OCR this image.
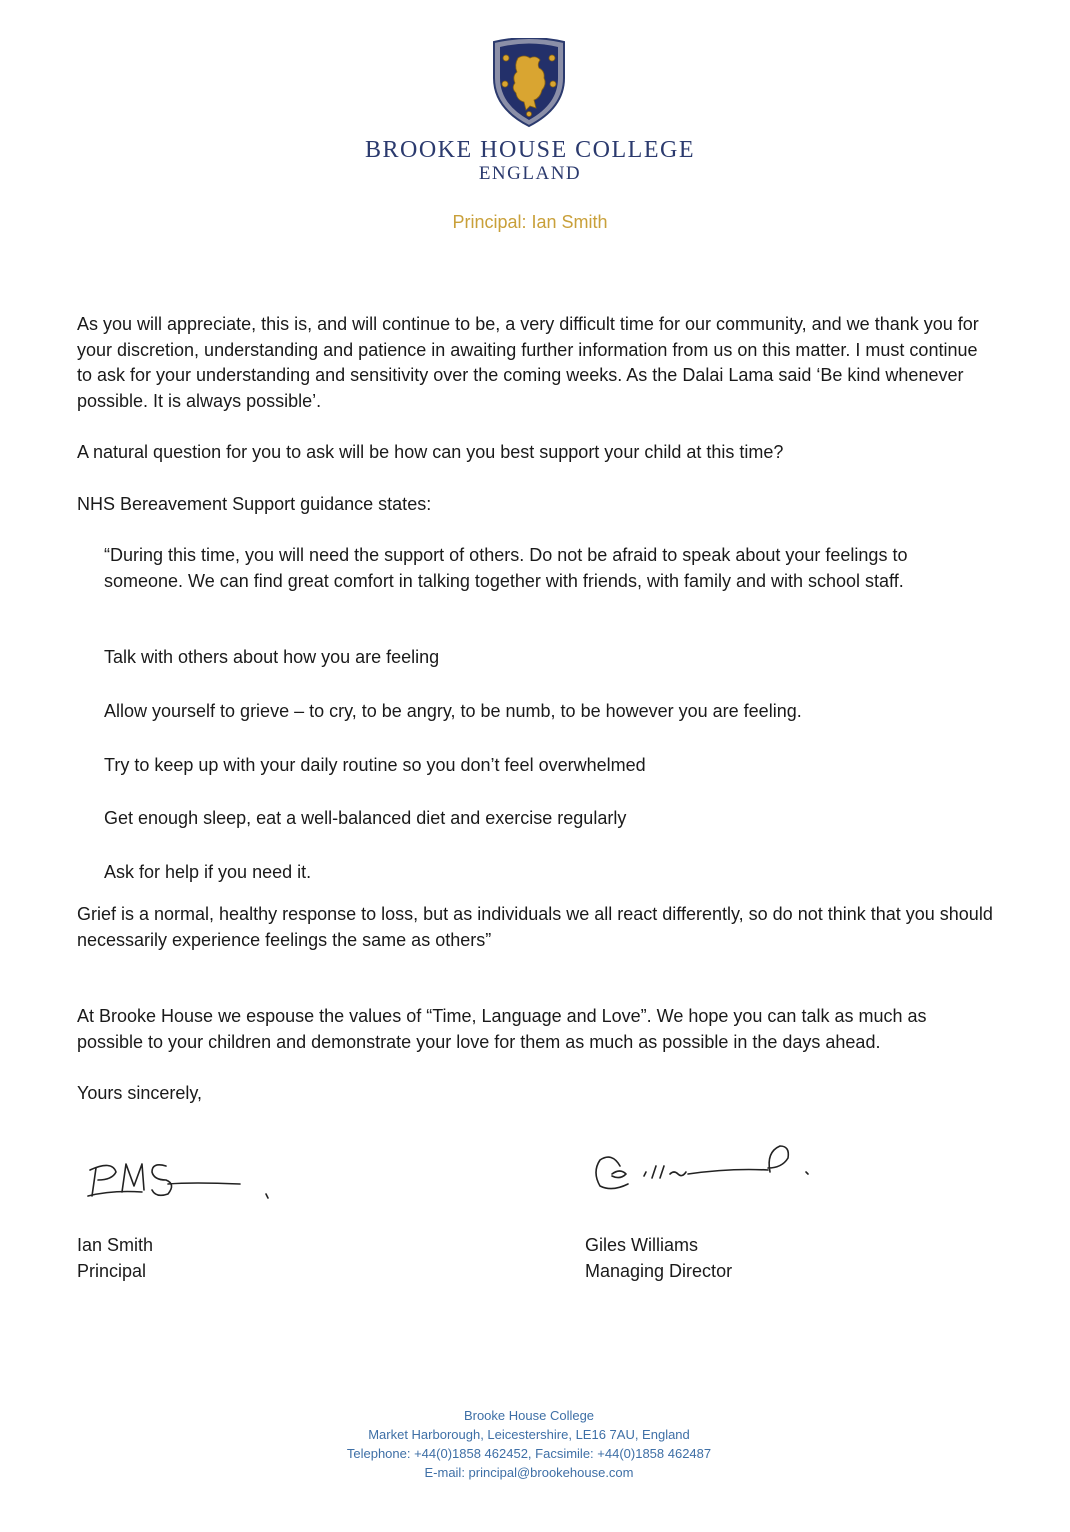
BROOKE HOUSE COLLEGE
ENGLAND
Principal: Ian Smith

As you will appreciate, this is, and will continue to be, a very difficult time for our community, and we thank you for your discretion, understanding and patience in awaiting further information from us on this matter. I must continue to ask for your understanding and sensitivity over the coming weeks. As the Dalai Lama said ‘Be kind whenever possible. It is always possible’.

A natural question for you to ask will be how can you best support your child at this time?

NHS Bereavement Support guidance states:

“During this time, you will need the support of others. Do not be afraid to speak about your feelings to someone. We can find great comfort in talking together with friends, with family and with school staff.

Talk with others about how you are feeling

Allow yourself to grieve – to cry, to be angry, to be numb, to be however you are feeling.

Try to keep up with your daily routine so you don’t feel overwhelmed

Get enough sleep, eat a well-balanced diet and exercise regularly

Ask for help if you need it.

Grief is a normal, healthy response to loss, but as individuals we all react differently, so do not think that you should necessarily experience feelings the same as others”

At Brooke House we espouse the values of “Time, Language and Love”. We hope you can talk as much as possible to your children and demonstrate your love for them as much as possible in the days ahead.

Yours sincerely,

Ian Smith

Principal

Giles Williams

Managing Director

Brooke House College
Market Harborough, Leicestershire, LE16 7AU, England
Telephone: +44(0)1858 462452, Facsimile: +44(0)1858 462487
E-mail: principal@brookehouse.com
